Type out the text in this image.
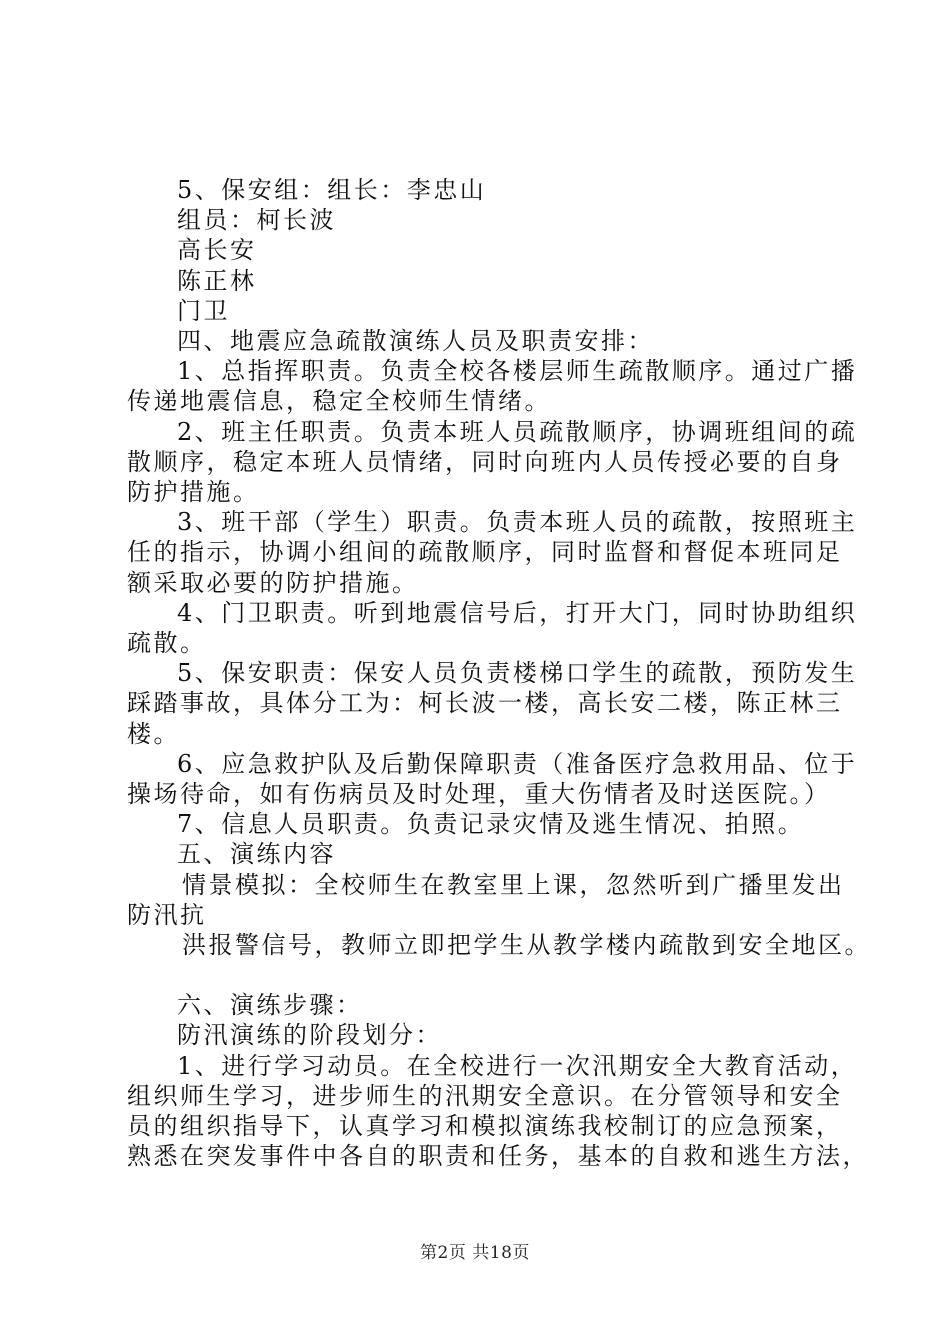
5、保安组：组长：李忠山

组员：柯长波

高长安

陈正林

门卫

四、地震应急疏散演练人员及职责安排：

1、总指挥职责。负责全校各楼层师生疏散顺序。通过广播

传递地震信息，稳定全校师生情绪。

2、班主任职责。负责本班人员疏散顺序，协调班组间的疏

散顺序，稳定本班人员情绪，同时向班内人员传授必要的自身

防护措施。

3、班干部（学生）职责。负责本班人员的疏散，按照班主

任的指示，协调小组间的疏散顺序，同时监督和督促本班同足

额采取必要的防护措施。

4、门卫职责。听到地震信号后，打开大门，同时协助组织

疏散。

5、保安职责：保安人员负责楼梯口学生的疏散，预防发生

踩踏事故，具体分工为：柯长波一楼，高长安二楼，陈正林三

楼。

6、应急救护队及后勤保障职责（准备医疗急救用品、位于

操场待命，如有伤病员及时处理，重大伤情者及时送医院。）

7、信息人员职责。负责记录灾情及逃生情况、拍照。

五、演练内容

情景模拟：全校师生在教室里上课，忽然听到广播里发出

防汛抗

洪报警信号，教师立即把学生从教学楼内疏散到安全地区。

六、演练步骤：

防汛演练的阶段划分：

1、进行学习动员。在全校进行一次汛期安全大教育活动，

组织师生学习，进步师生的汛期安全意识。在分管领导和安全

员的组织指导下，认真学习和模拟演练我校制订的应急预案，

熟悉在突发事件中各自的职责和任务，基本的自救和逃生方法，

第2页 共18页
